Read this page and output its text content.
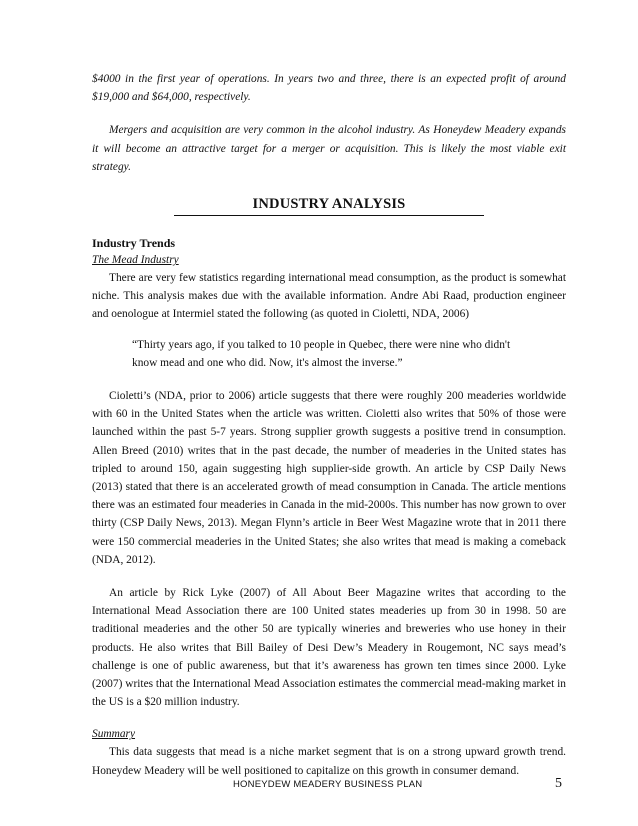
$4000 in the first year of operations. In years two and three, there is an expected profit of around $19,000 and $64,000, respectively.

Mergers and acquisition are very common in the alcohol industry. As Honeydew Meadery expands it will become an attractive target for a merger or acquisition. This is likely the most viable exit strategy.

INDUSTRY ANALYSIS
Industry Trends
The Mead Industry

There are very few statistics regarding international mead consumption, as the product is somewhat niche. This analysis makes due with the available information. Andre Abi Raad, production engineer and oenologue at Intermiel stated the following (as quoted in Cioletti, NDA, 2006)

“Thirty years ago, if you talked to 10 people in Quebec, there were nine who didn't know mead and one who did. Now, it's almost the inverse.”

Cioletti’s (NDA, prior to 2006) article suggests that there were roughly 200 meaderies worldwide with 60 in the United States when the article was written. Cioletti also writes that 50% of those were launched within the past 5-7 years. Strong supplier growth suggests a positive trend in consumption. Allen Breed (2010) writes that in the past decade, the number of meaderies in the United states has tripled to around 150, again suggesting high supplier-side growth. An article by CSP Daily News (2013) stated that there is an accelerated growth of mead consumption in Canada. The article mentions there was an estimated four meaderies in Canada in the mid-2000s. This number has now grown to over thirty (CSP Daily News, 2013). Megan Flynn’s article in Beer West Magazine wrote that in 2011 there were 150 commercial meaderies in the United States; she also writes that mead is making a comeback (NDA, 2012).

An article by Rick Lyke (2007) of All About Beer Magazine writes that according to the International Mead Association there are 100 United states meaderies up from 30 in 1998. 50 are traditional meaderies and the other 50 are typically wineries and breweries who use honey in their products. He also writes that Bill Bailey of Desi Dew’s Meadery in Rougemont, NC says mead’s challenge is one of public awareness, but that it’s awareness has grown ten times since 2000. Lyke (2007) writes that the International Mead Association estimates the commercial mead-making market in the US is a $20 million industry.

Summary

This data suggests that mead is a niche market segment that is on a strong upward growth trend. Honeydew Meadery will be well positioned to capitalize on this growth in consumer demand.

HONEYDEW MEADERY BUSINESS PLAN	5
